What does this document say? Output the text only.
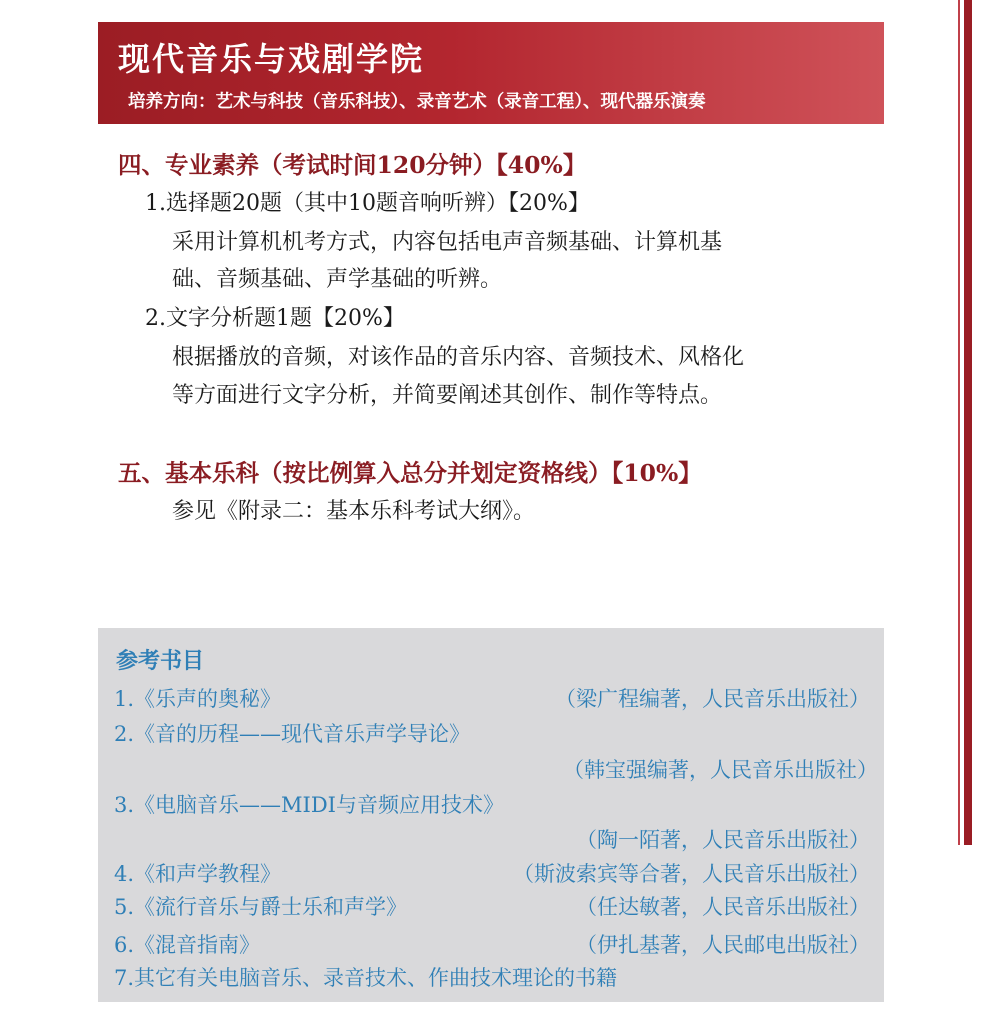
现代音乐与戏剧学院
培养方向：艺术与科技（音乐科技）、录音艺术（录音工程）、现代器乐演奏
四、专业素养（考试时间120分钟）【40%】
1.选择题20题（其中10题音响听辨）【20%】
采用计算机机考方式，内容包括电声音频基础、计算机基
础、音频基础、声学基础的听辨。
2.文字分析题1题【20%】
根据播放的音频，对该作品的音乐内容、音频技术、风格化
等方面进行文字分析，并简要阐述其创作、制作等特点。
五、基本乐科（按比例算入总分并划定资格线）【10%】
参见《附录二：基本乐科考试大纲》。
参考书目
1.《乐声的奥秘》	（梁广程编著，人民音乐出版社）
2.《音的历程——现代音乐声学导论》
（韩宝强编著，人民音乐出版社）
3.《电脑音乐——MIDI与音频应用技术》
（陶一陌著，人民音乐出版社）
4.《和声学教程》	（斯波索宾等合著，人民音乐出版社）
5.《流行音乐与爵士乐和声学》	（任达敏著，人民音乐出版社）
6.《混音指南》	（伊扎基著，人民邮电出版社）
7.其它有关电脑音乐、录音技术、作曲技术理论的书籍
